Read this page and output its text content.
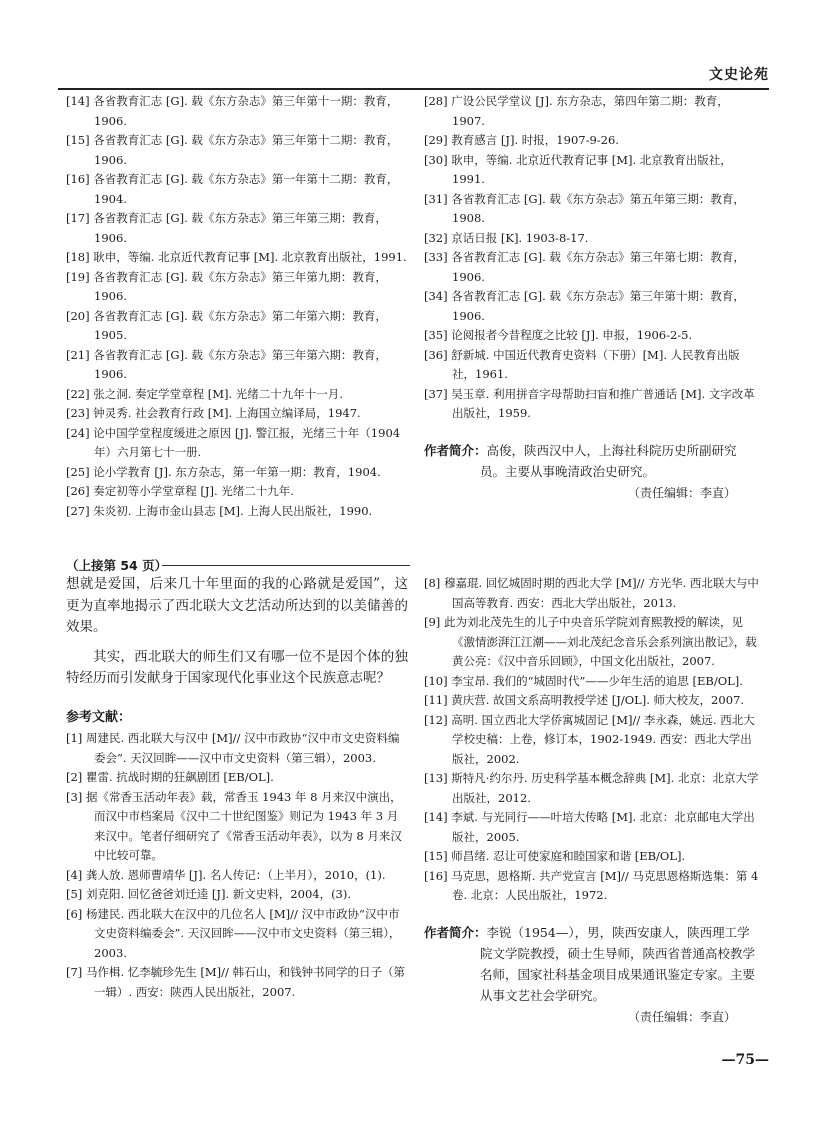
文史论苑

[14] 各省教育汇志 [G]. 载《东方杂志》第三年第十一期：教育，1906.

[15] 各省教育汇志 [G]. 载《东方杂志》第三年第十二期：教育，1906.

[16] 各省教育汇志 [G]. 载《东方杂志》第一年第十二期：教育，1904.

[17] 各省教育汇志 [G]. 载《东方杂志》第三年第三期：教育，1906.

[18] 耿申，等编. 北京近代教育记事 [M]. 北京教育出版社，1991.

[19] 各省教育汇志 [G]. 载《东方杂志》第三年第九期：教育，1906.

[20] 各省教育汇志 [G]. 载《东方杂志》第二年第六期：教育，1905.

[21] 各省教育汇志 [G]. 载《东方杂志》第三年第六期：教育，1906.

[22] 张之洞. 奏定学堂章程 [M]. 光绪二十九年十一月.

[23] 钟灵秀. 社会教育行政 [M]. 上海国立编译局，1947.

[24] 论中国学堂程度缓进之原因 [J]. 警江报，光绪三十年（1904 年）六月第七十一册.

[25] 论小学教育 [J]. 东方杂志，第一年第一期：教育，1904.

[26] 奏定初等小学堂章程 [J]. 光绪二十九年.

[27] 朱炎初. 上海市金山县志 [M]. 上海人民出版社，1990.

[28] 广设公民学堂议 [J]. 东方杂志，第四年第二期：教育，1907.

[29] 教育感言 [J]. 时报，1907-9-26.

[30] 耿申，等编. 北京近代教育记事 [M]. 北京教育出版社，1991.

[31] 各省教育汇志 [G]. 载《东方杂志》第五年第三期：教育，1908.

[32] 京话日报 [K]. 1903-8-17.

[33] 各省教育汇志 [G]. 载《东方杂志》第三年第七期：教育，1906.

[34] 各省教育汇志 [G]. 载《东方杂志》第三年第十期：教育，1906.

[35] 论阅报者今昔程度之比较 [J]. 申报，1906-2-5.

[36] 舒新城. 中国近代教育史资料（下册）[M]. 人民教育出版社，1961.

[37] 吴玉章. 利用拼音字母帮助扫盲和推广普通话 [M]. 文字改革出版社，1959.

作者简介：高俊，陕西汉中人，上海社科院历史所副研究员。主要从事晚清政治史研究。
（责任编辑：李直）
（上接第 54 页）

想就是爱国，后来几十年里面的我的心路就是爱国”，这更为直率地揭示了西北联大文艺活动所达到的以美储善的效果。

其实，西北联大的师生们又有哪一位不是因个体的独特经历而引发献身于国家现代化事业这个民族意志呢？

参考文献：

[1] 周建民. 西北联大与汉中 [M]// 汉中市政协“汉中市文史资料编委会”. 天汉回眸——汉中市文史资料（第三辑），2003.

[2] 瞿雷. 抗战时期的狂飙剧团 [EB/OL].

[3] 据《常香玉活动年表》载，常香玉 1943 年 8 月来汉中演出，而汉中市档案局《汉中二十世纪图鉴》则记为 1943 年 3 月来汉中。笔者仔细研究了《常香玉活动年表》，以为 8 月来汉中比较可靠。

[4] 龚人放. 恩师曹靖华 [J]. 名人传记：（上半月），2010，(1).

[5] 刘克阳. 回忆爸爸刘迁逵 [J]. 新文史料，2004，(3).

[6] 杨建民. 西北联大在汉中的几位名人 [M]// 汉中市政协“汉中市文史资料编委会”. 天汉回眸——汉中市文史资料（第三辑），2003.

[7] 马作楫. 忆李毓珍先生 [M]// 韩石山，和钱钟书同学的日子（第一辑）. 西安：陕西人民出版社，2007.

[8] 穆嘉琨. 回忆城固时期的西北大学 [M]// 方光华. 西北联大与中国高等教育. 西安：西北大学出版社，2013.

[9] 此为刘北茂先生的儿子中央音乐学院刘育熙教授的解读，见《激情澎湃江江潮——刘北茂纪念音乐会系列演出散记》，载黄公亮：《汉中音乐回顾》，中国文化出版社，2007.

[10] 李宝昂. 我们的“城固时代”——少年生活的追思 [EB/OL].

[11] 黄庆营. 故国文系高明教授学述 [J/OL]. 师大校友，2007.

[12] 高明. 国立西北大学侨寓城固记 [M]// 李永森，姚远. 西北大学校史稿：上卷，修订本，1902-1949. 西安：西北大学出版社，2002.

[13] 斯特凡·约尔丹. 历史科学基本概念辞典 [M]. 北京：北京大学出版社，2012.

[14] 李斌. 与光同行——叶培大传略 [M]. 北京：北京邮电大学出版社，2005.

[15] 师昌绪. 忍让可使家庭和睦国家和谐 [EB/OL].

[16] 马克思，恩格斯. 共产党宣言 [M]// 马克思恩格斯选集：第 4 卷. 北京：人民出版社，1972.

作者简介：李锐（1954—），男，陕西安康人，陕西理工学院文学院教授，硕士生导师，陕西省普通高校教学名师，国家社科基金项目成果通讯鉴定专家。主要从事文艺社会学研究。
（责任编辑：李直）
—75—
